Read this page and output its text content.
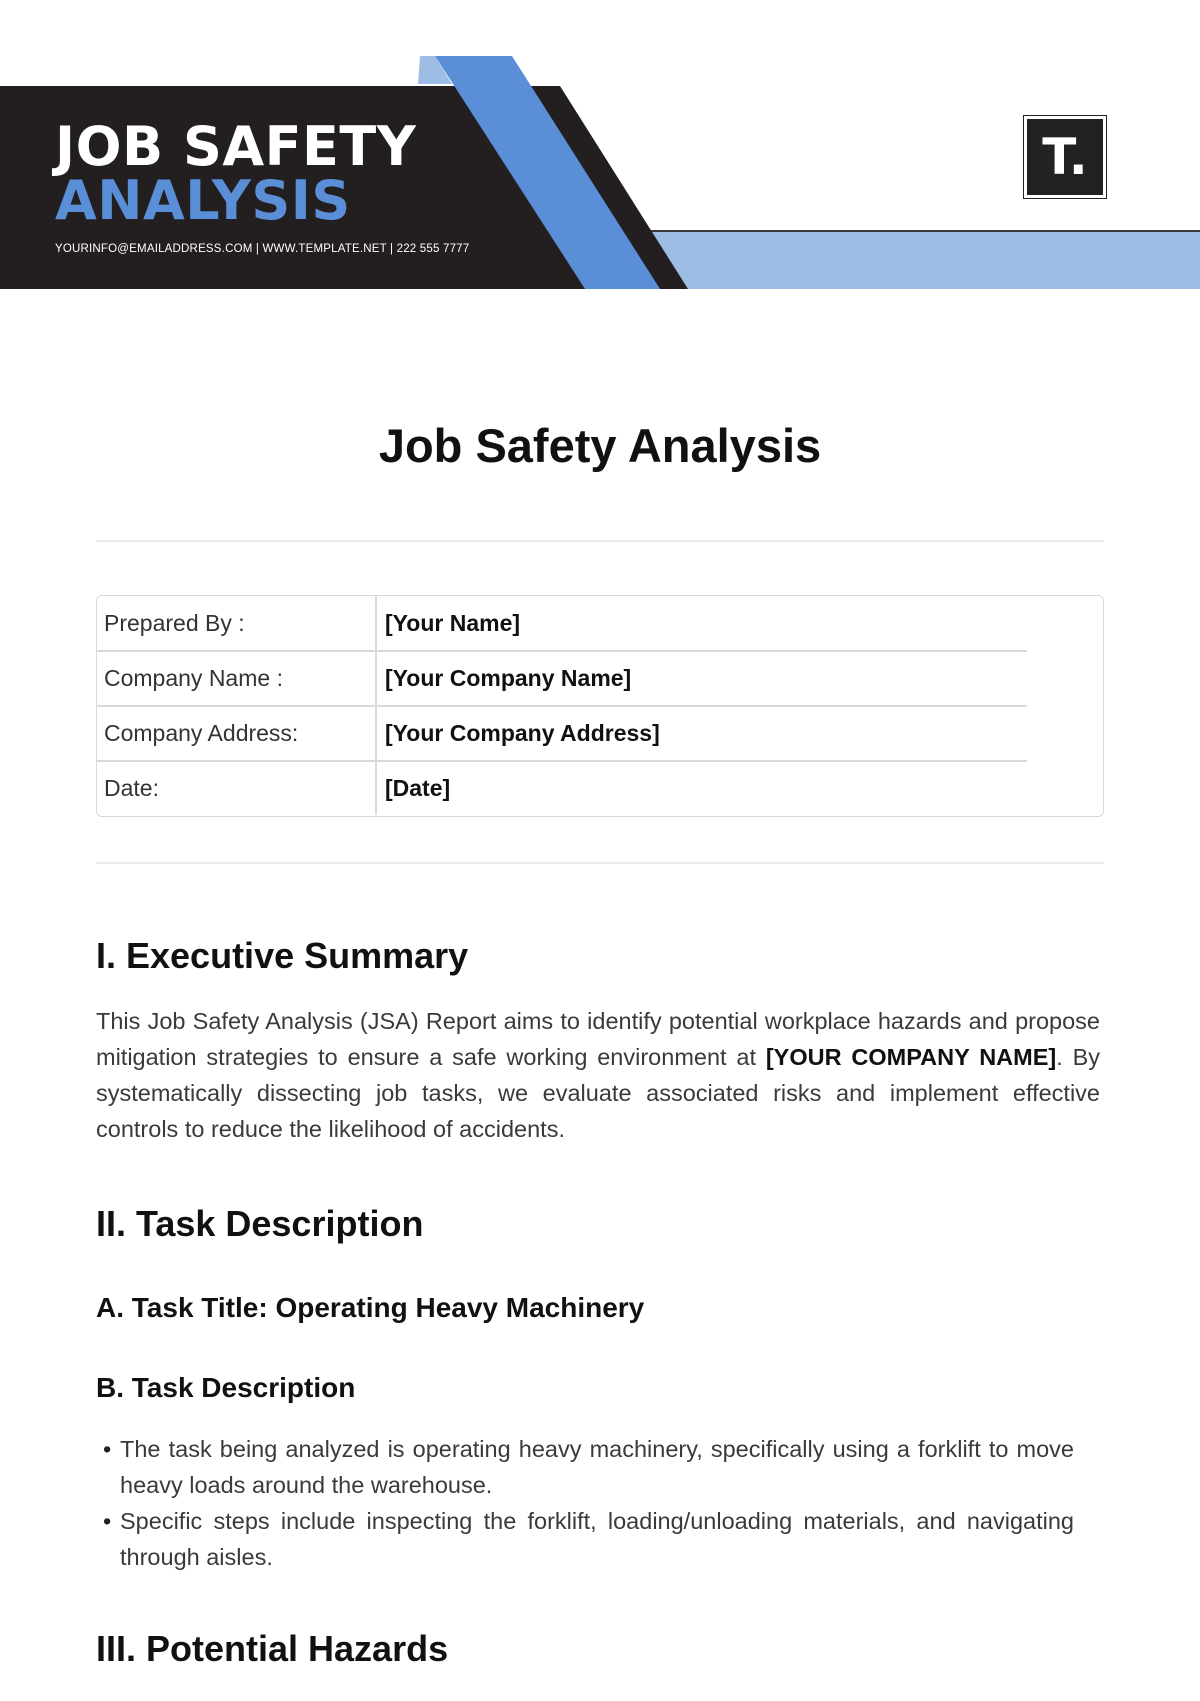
JOB SAFETY
ANALYSIS
YOURINFO@EMAILADDRESS.COM | WWW.TEMPLATE.NET | 222 555 7777
T.
Job Safety Analysis
Prepared By :	[Your Name]
Company Name :	[Your Company Name]
Company Address:	[Your Company Address]
Date:	[Date]
I. Executive Summary

This Job Safety Analysis (JSA) Report aims to identify potential workplace hazards and propose mitigation strategies to ensure a safe working environment at [YOUR COMPANY NAME]. By systematically dissecting job tasks, we evaluate associated risks and implement effective controls to reduce the likelihood of accidents.

II. Task Description
A. Task Title: Operating Heavy Machinery
B. Task Description
• The task being analyzed is operating heavy machinery, specifically using a forklift to move heavy loads around the warehouse.
• Specific steps include inspecting the forklift, loading/unloading materials, and navigating through aisles.
III. Potential Hazards
